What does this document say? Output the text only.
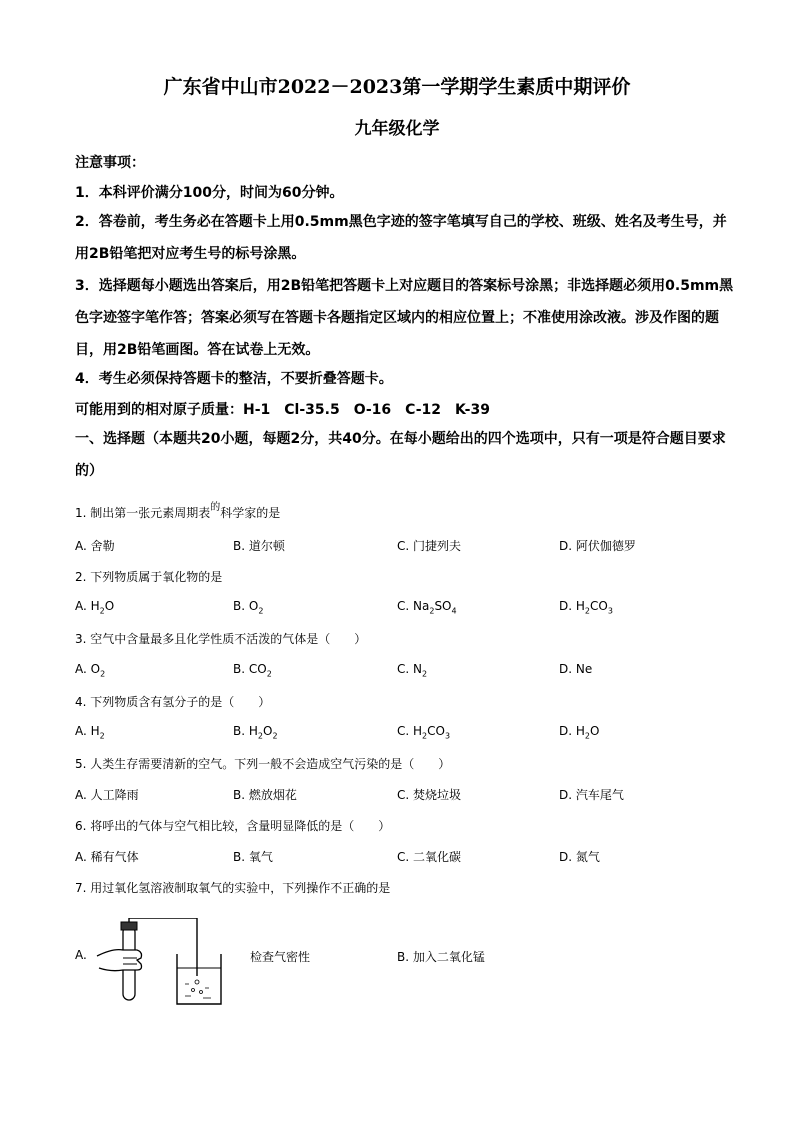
广东省中山市2022－2023第一学期学生素质中期评价
九年级化学
注意事项：
1．本科评价满分100分，时间为60分钟。
2．答卷前，考生务必在答题卡上用0.5mm黑色字迹的签字笔填写自己的学校、班级、姓名及考生号，并用2B铅笔把对应考生号的标号涂黑。
3．选择题每小题选出答案后，用2B铅笔把答题卡上对应题目的答案标号涂黑；非选择题必须用0.5mm黑色字迹签字笔作答；答案必须写在答题卡各题指定区域内的相应位置上；不准使用涂改液。涉及作图的题目，用2B铅笔画图。答在试卷上无效。
4．考生必须保持答题卡的整洁，不要折叠答题卡。
可能用到的相对原子质量：H-1　Cl-35.5　O-16　C-12　K-39
一、选择题（本题共20小题，每题2分，共40分。在每小题给出的四个选项中，只有一项是符合题目要求的）
1. 制出第一张元素周期表$^的$科学家的是
A. 舍勒	B. 道尔顿	C. 门捷列夫	D. 阿伏伽德罗
2. 下列物质属于氧化物的是
A. $H_2O$	B. $O_2$	C. $Na_2SO_4$	D. $H_2CO_3$
3. 空气中含量最多且化学性质不活泼的气体是（　　）
A. $O_2$	B. $CO_2$	C. $N_2$	D. Ne
4. 下列物质含有氢分子的是（　　）
A. $H_2$	B. $H_2O_2$	C. $H_2CO_3$	D. $H_2O$
5. 人类生存需要清新的空气。下列一般不会造成空气污染的是（　　）
A. 人工降雨	B. 燃放烟花	C. 焚烧垃圾	D. 汽车尾气
6. 将呼出的气体与空气相比较，含量明显降低的是（　　）
A. 稀有气体	B. 氧气	C. 二氧化碳	D. 氮气
7. 用过氧化氢溶液制取氧气的实验中，下列操作不正确的是
A.	检查气密性	B. 加入二氧化锰
